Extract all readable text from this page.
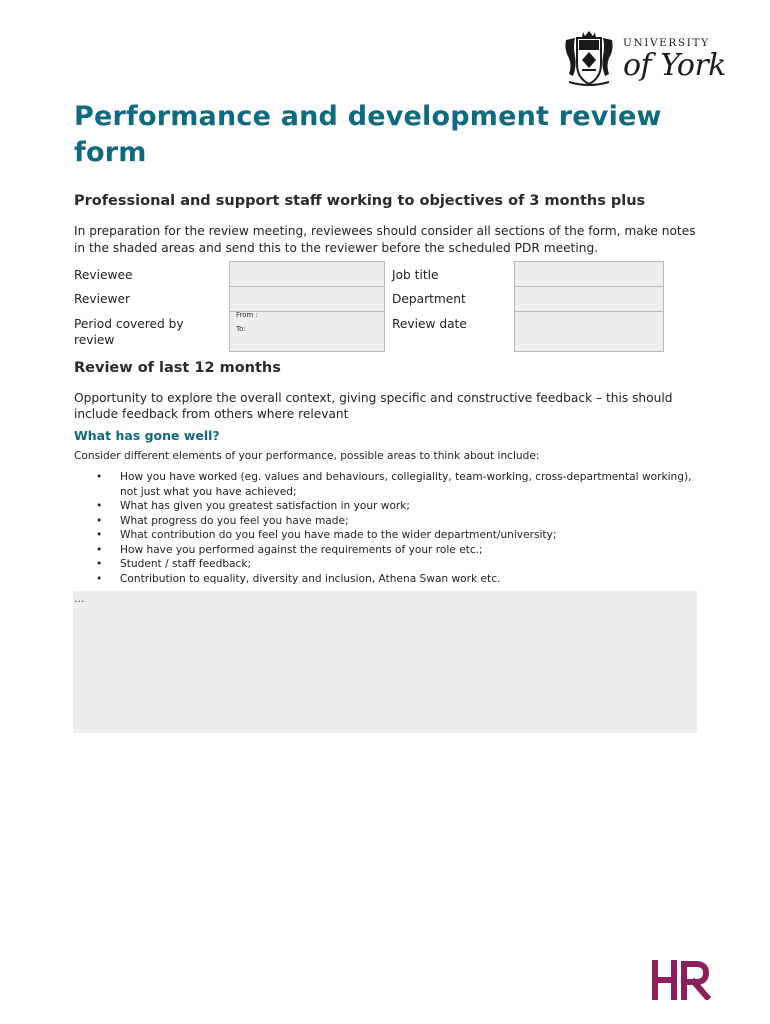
UNIVERSITY
of York
Performance and development review form
Professional and support staff working to objectives of 3 months plus

In preparation for the review meeting, reviewees should consider all sections of the form, make notes in the shaded areas and send this to the reviewer before the scheduled PDR meeting.

Reviewee
Reviewer
Period covered by review
From :
To:
Job title
Department
Review date
Review of last 12 months

Opportunity to explore the overall context, giving specific and constructive feedback – this should include feedback from others where relevant

What has gone well?

Consider different elements of your performance, possible areas to think about include:

• How you have worked (eg. values and behaviours, collegiality, team-working, cross-departmental working), not just what you have achieved;
• What has given you greatest satisfaction in your work;
• What progress do you feel you have made;
• What contribution do you feel you have made to the wider department/university;
• How have you performed against the requirements of your role etc.;
• Student / staff feedback;
• Contribution to equality, diversity and inclusion, Athena Swan work etc.
...
